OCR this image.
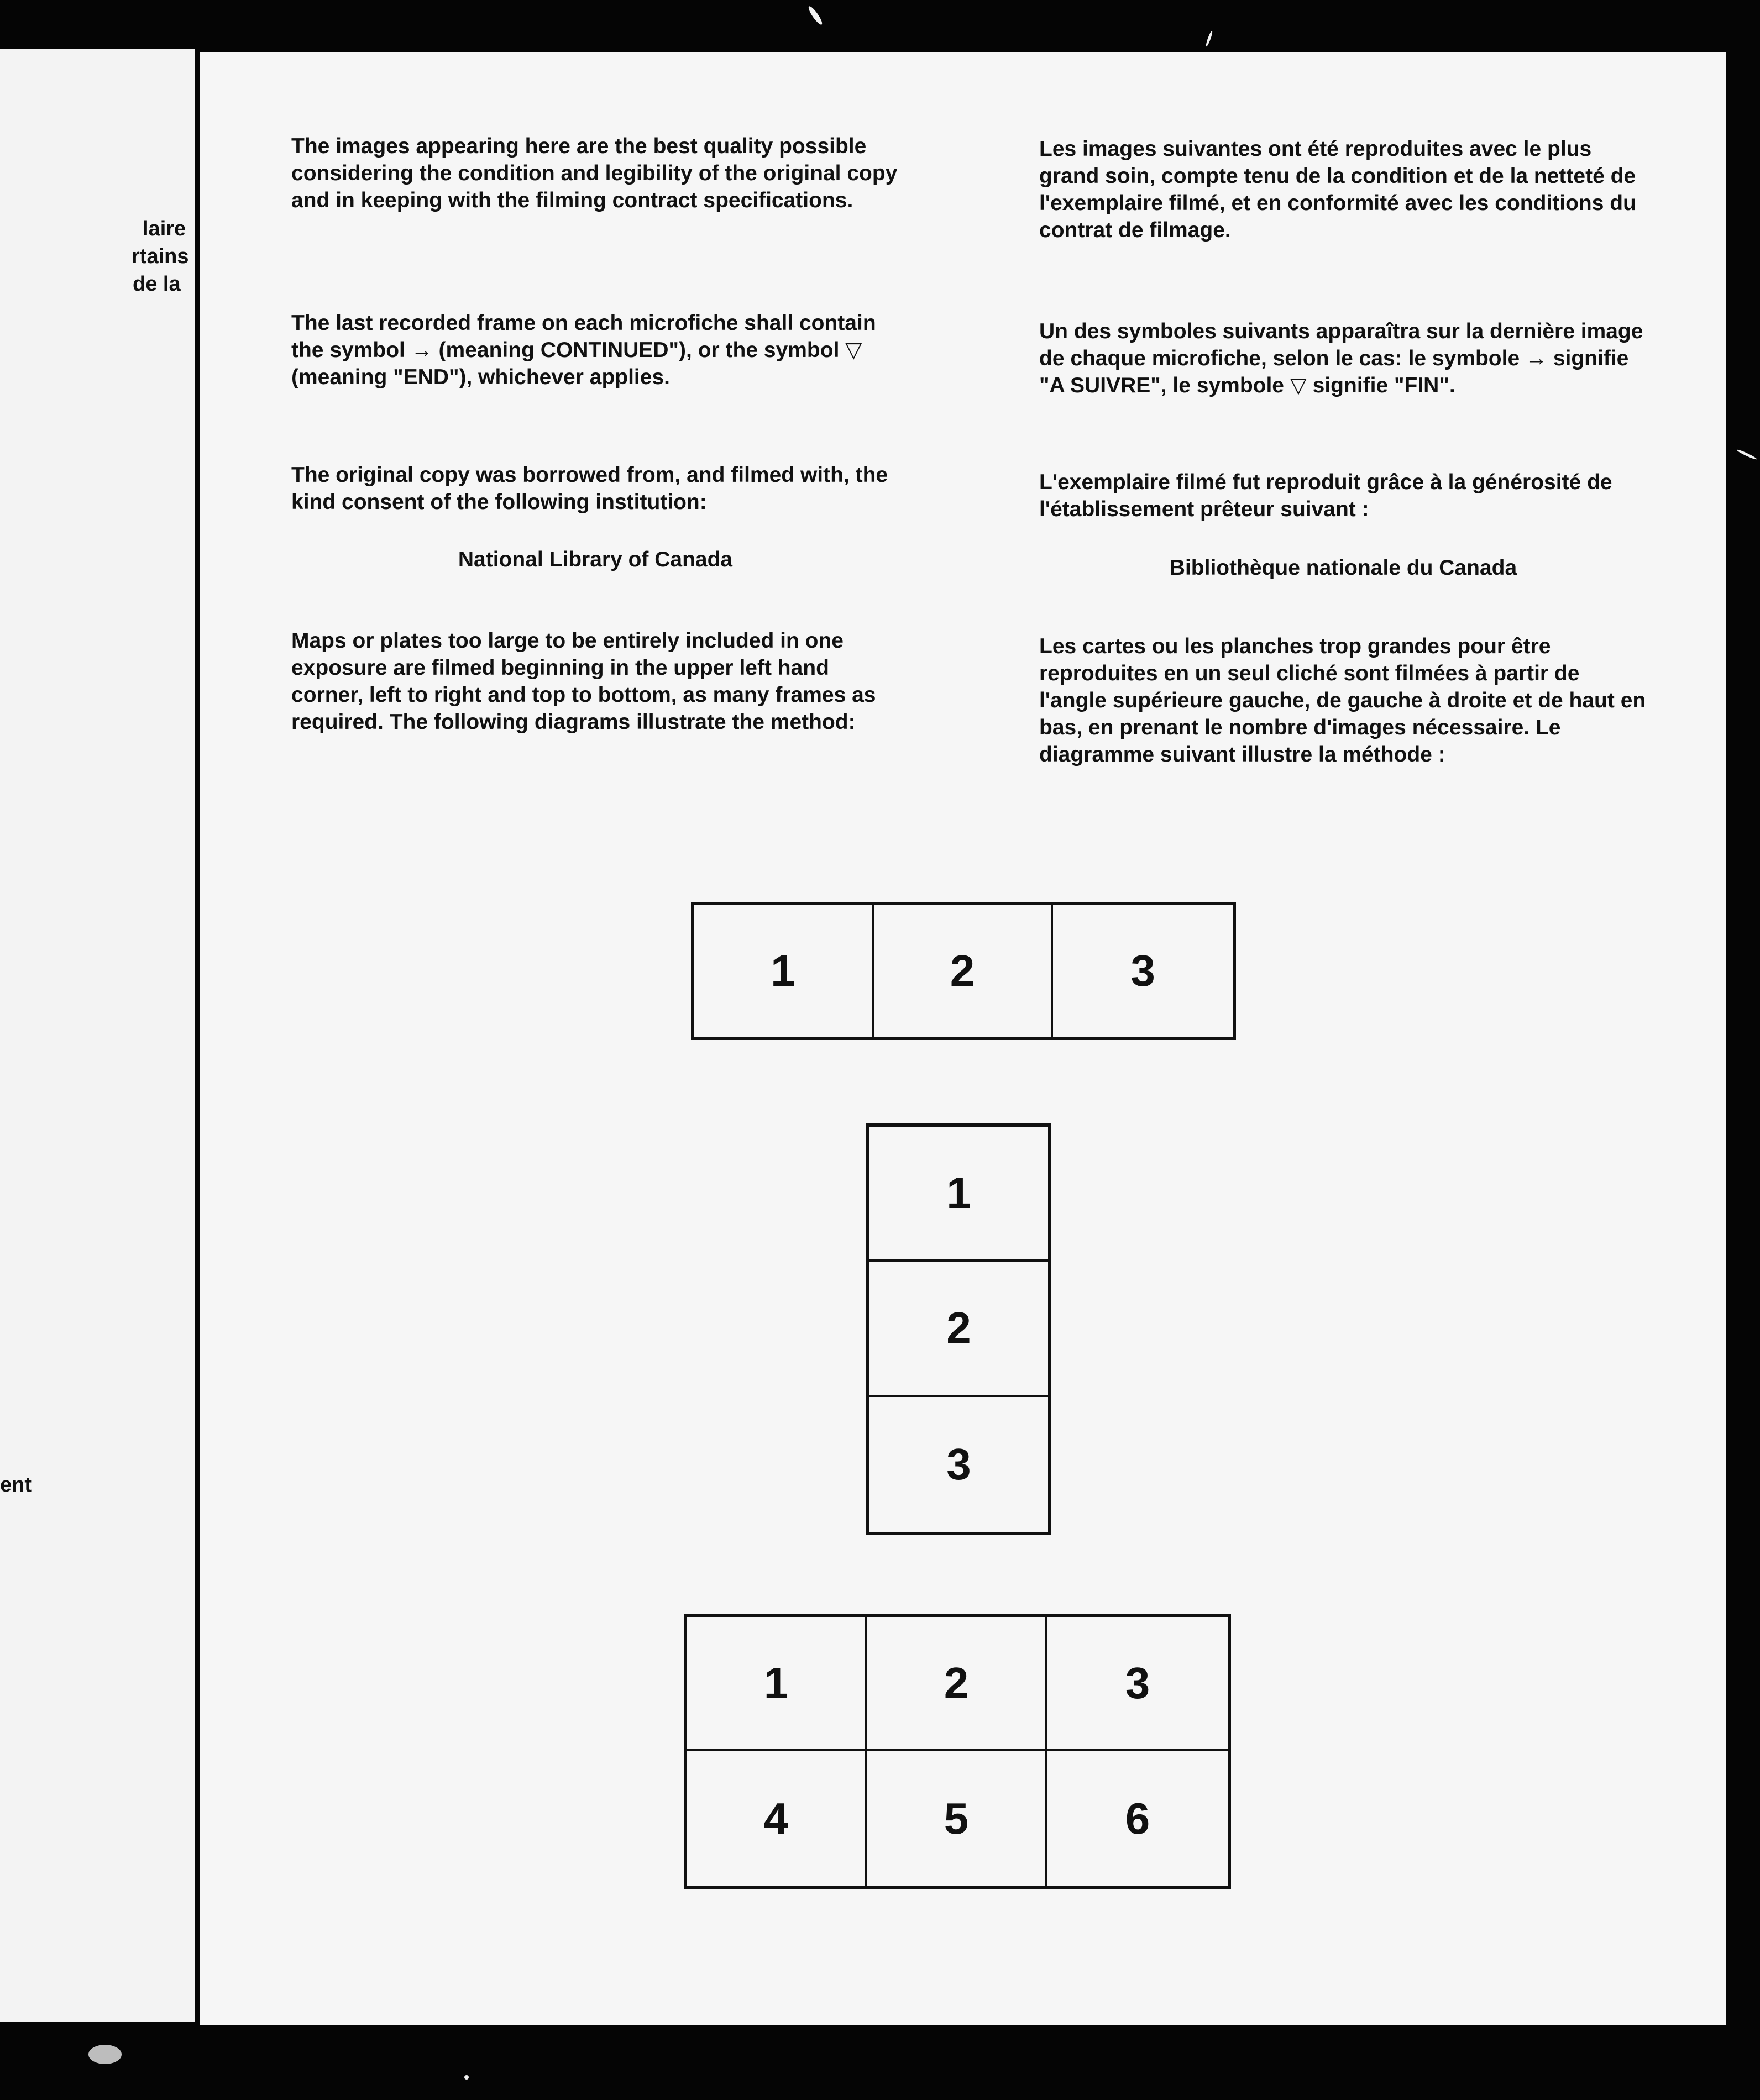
laire
rtains
de la
ent

The images appearing here are the best quality possible considering the condition and legibility of the original copy and in keeping with the filming contract specifications.

The last recorded frame on each microfiche shall contain the symbol → (meaning CONTINUED"), or the symbol ▽ (meaning "END"), whichever applies.

The original copy was borrowed from, and filmed with, the kind consent of the following institution:

National Library of Canada

Maps or plates too large to be entirely included in one exposure are filmed beginning in the upper left hand corner, left to right and top to bottom, as many frames as required. The following diagrams illustrate the method:

Les images suivantes ont été reproduites avec le plus grand soin, compte tenu de la condition et de la netteté de l'exemplaire filmé, et en conformité avec les conditions du contrat de filmage.

Un des symboles suivants apparaîtra sur la dernière image de chaque microfiche, selon le cas: le symbole → signifie "A SUIVRE", le symbole ▽ signifie "FIN".

L'exemplaire filmé fut reproduit grâce à la générosité de l'établissement prêteur suivant :

Bibliothèque nationale du Canada

Les cartes ou les planches trop grandes pour être reproduites en un seul cliché sont filmées à partir de l'angle supérieure gauche, de gauche à droite et de haut en bas, en prenant le nombre d'images nécessaire. Le diagramme suivant illustre la méthode :

1	2	3
1
2
3
1	2	3
4	5	6
